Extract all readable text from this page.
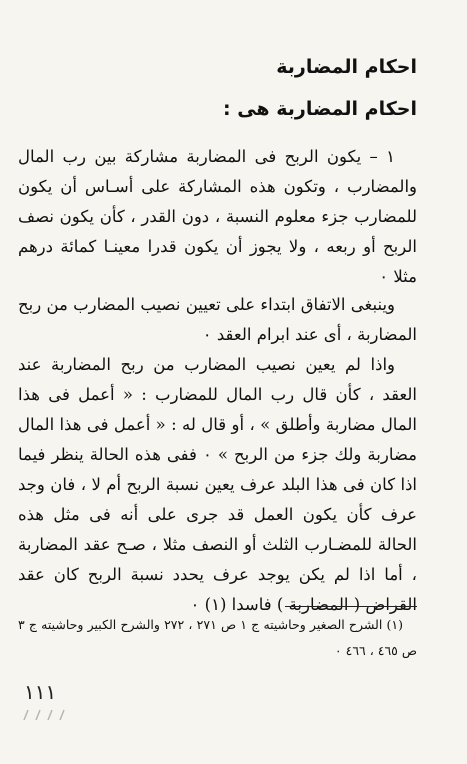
احكام المضاربة
احكام المضاربة هى :
١ – يكون الربح فى المضاربة مشاركة بين رب المال والمضارب ، وتكون هذه المشاركة على أسـاس أن يكون للمضارب جزء معلوم النسبة ، دون القدر ، كأن يكون نصف الربح أو ربعه ، ولا يجوز أن يكون قدرا معينـا كمائة درهم مثلا ٠
وينبغى الاتفاق ابتداء على تعيين نصيب المضارب من ربح المضاربة ، أى عند ابرام العقد ٠
واذا لم يعين نصيب المضارب من ربح المضاربة عند العقد ، كأن قال رب المال للمضارب : « أعمل فى هذا المال مضاربة وأطلق » ، أو قال له : « أعمل فى هذا المال مضاربة ولك جزء من الربح » ٠ ففى هذه الحالة ينظر فيما اذا كان فى هذا البلد عرف يعين نسبة الربح أم لا ، فان وجد عرف كأن يكون العمل قد جرى على أنه فى مثل هذه الحالة للمضـارب الثلث أو النصف مثلا ، صـح عقد المضاربة ، أما اذا لم يكن يوجد عرف يحدد نسبة الربح كان عقد القراض ( المضاربة ) فاسدا (١) ٠
(١) الشرح الصغير وحاشيته ج ١ ص ٢٧١ ، ٢٧٢ والشرح الكبير وحاشيته ج ٣ ص ٤٦٥ ، ٤٦٦ ٠
١١١
